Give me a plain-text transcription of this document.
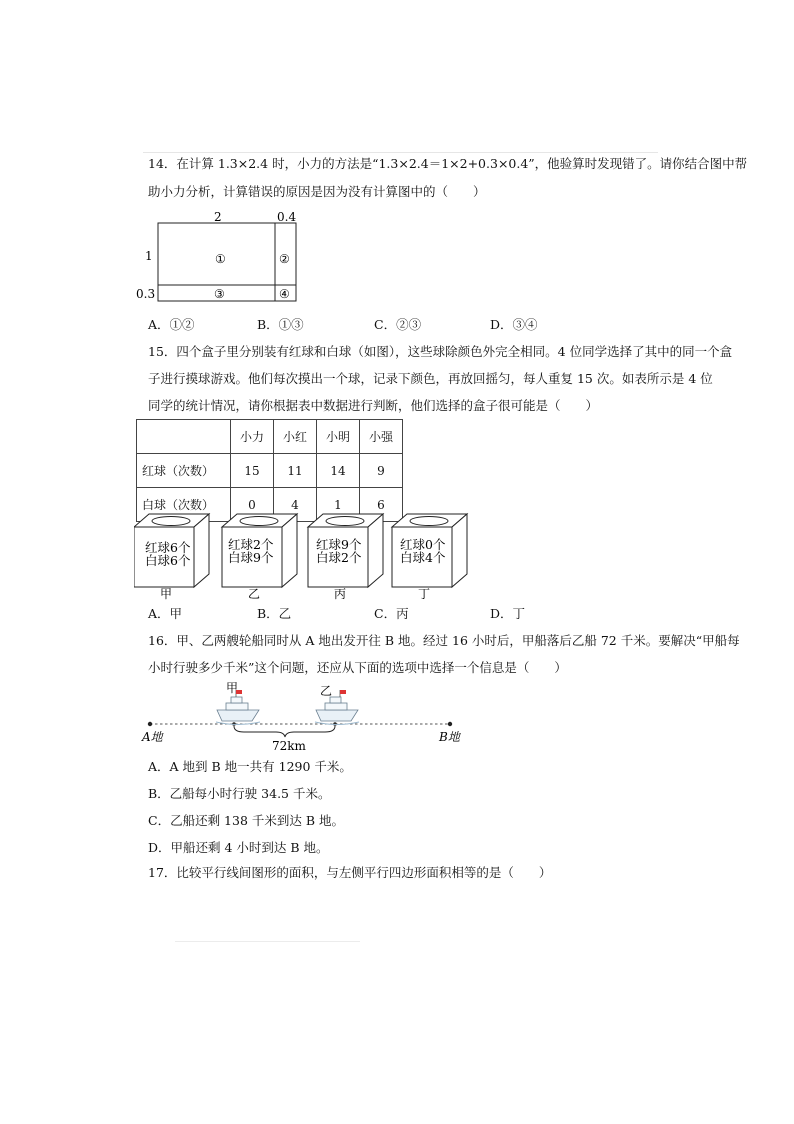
14．在计算 1.3×2.4 时，小力的方法是“1.3×2.4＝1×2+0.3×0.4”，他验算时发现错了。请你结合图中帮
助小力分析，计算错误的原因是因为没有计算图中的（　　）
2	0.4
1
0.3
①	②
③	④
A．①②	B．①③	C．②③	D．③④
15．四个盒子里分别装有红球和白球（如图），这些球除颜色外完全相同。4 位同学选择了其中的同一个盒
子进行摸球游戏。他们每次摸出一个球，记录下颜色，再放回摇匀，每人重复 15 次。如表所示是 4 位
同学的统计情况，请你根据表中数据进行判断，他们选择的盒子很可能是（　　）
	小力	小红	小明	小强
红球（次数）	15	11	14	9
白球（次数）	0	4	1	6
红球6个
白球6个
甲
红球2个
白球9个
乙
红球9个
白球2个
丙
红球0个
白球4个
丁
A．甲	B．乙	C．丙	D．丁
16．甲、乙两艘轮船同时从 A 地出发开往 B 地。经过 16 小时后，甲船落后乙船 72 千米。要解决“甲船每
小时行驶多少千米”这个问题，还应从下面的选项中选择一个信息是（　　）
甲	乙
72km
A地	B地
A．A 地到 B 地一共有 1290 千米。
B．乙船每小时行驶 34.5 千米。
C．乙船还剩 138 千米到达 B 地。
D．甲船还剩 4 小时到达 B 地。
17．比较平行线间图形的面积，与左侧平行四边形面积相等的是（　　）
